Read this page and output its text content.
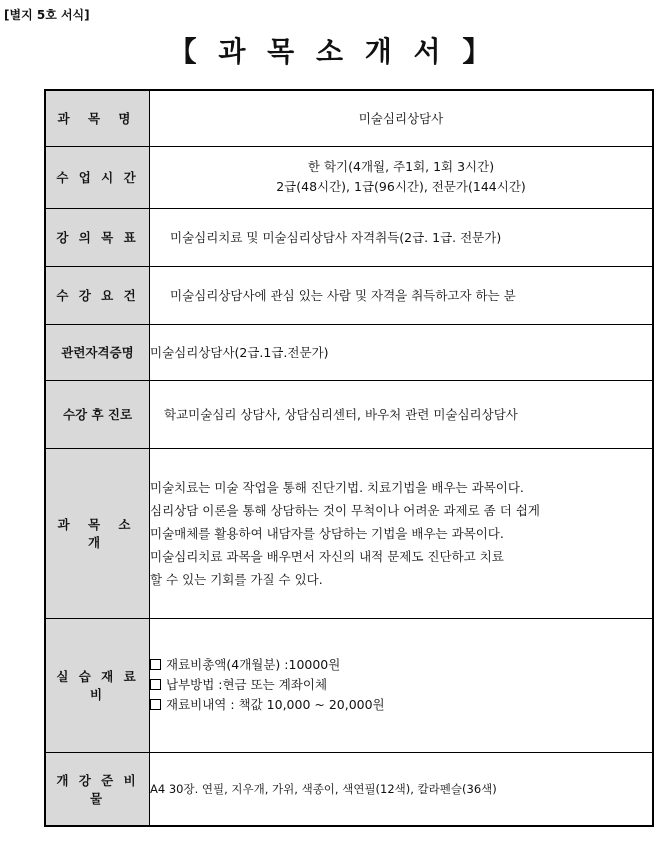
[별지 5호 서식]
【 과 목 소 개 서 】
과 목 명	미술심리상담사
수 업 시 간	한 학기(4개월, 주1회, 1회 3시간)
2급(48시간), 1급(96시간), 전문가(144시간)

강 의 목 표	미술심리치료 및 미술심리상담사 자격취득(2급. 1급. 전문가)
수 강 요 건	미술심리상담사에 관심 있는 사람 및 자격을 취득하고자 하는 분
관련자격증명	미술심리상담사(2급.1급.전문가)
수강 후 진로	학교미술심리 상담사, 상담심리센터, 바우처 관련 미술심리상담사
과 목 소 개	미술치료는 미술 작업을 통해 진단기법. 치료기법을 배우는 과목이다.
심리상담 이론을 통해 상담하는 것이 무척이나 어려운 과제로 좀 더 쉽게
미술매체를 활용하여 내담자를 상담하는 기법을 배우는 과목이다.
미술심리치료 과목을 배우면서 자신의 내적 문제도 진단하고 치료
할 수 있는 기회를 가질 수 있다.

실 습 재 료 비	재료비총액(4개월분) :10000원
납부방법 :현금 또는 계좌이체
재료비내역 : 책값 10,000 ~ 20,000원

개 강 준 비 물	A4 30장. 연필, 지우개, 가위, 색종이, 색연필(12색), 칼라펜슬(36색)
